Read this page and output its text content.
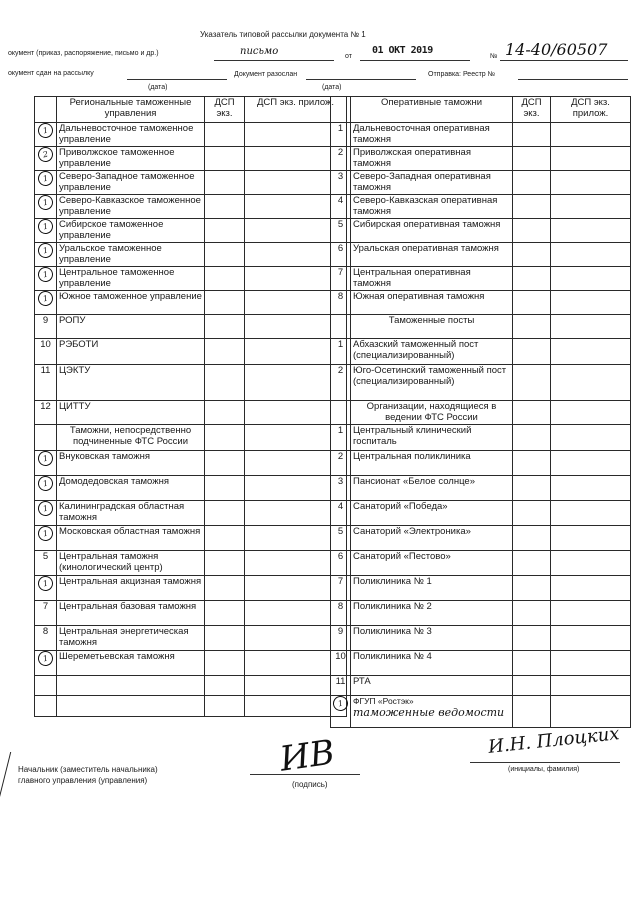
Указатель типовой рассылки документа № 1
окумент (приказ, распоряжение, письмо и др.)	письмо	от
01 ОКТ 2019
№ 14-40/60507
окумент сдан на рассылку	Документ разослан	Отправка: Реестр №
(дата)	(дата)
	Региональные таможенные управления	ДСП экз.	ДСП экз. прилож.
1	Дальневосточное таможенное управление		
2	Приволжское таможенное управление		
1	Северо-Западное таможенное управление		
1	Северо-Кавказское таможенное управление		
1	Сибирское таможенное управление		
1	Уральское таможенное управление		
1	Центральное таможенное управление		
1	Южное таможенное управление		
9	РОПУ		
10	РЭБОТИ		
11	ЦЭКТУ		
12	ЦИТТУ		
	Таможни, непосредственно подчиненные ФТС России		
1	Внуковская таможня		
1	Домодедовская таможня		
1	Калининградская областная таможня		
1	Московская областная таможня		
5	Центральная таможня (кинологический центр)		
1	Центральная акцизная таможня		
7	Центральная базовая таможня		
8	Центральная энергетическая таможня		
1	Шереметьевская таможня		

	Оперативные таможни	ДСП экз.	ДСП экз. прилож.
1	Дальневосточная оперативная таможня		
2	Приволжская оперативная таможня		
3	Северо-Западная оперативная таможня		
4	Северо-Кавказская оперативная таможня		
5	Сибирская оперативная таможня		
6	Уральская оперативная таможня		
7	Центральная оперативная таможня		
8	Южная оперативная таможня		
	Таможенные посты		
1	Абхазский таможенный пост (специализированный)		
2	Юго-Осетинский таможенный пост (специализированный)		
	Организации, находящиеся в ведении ФТС России		
1	Центральный клинический госпиталь		
2	Центральная поликлиника		
3	Пансионат «Белое солнце»		
4	Санаторий «Победа»		
5	Санаторий «Электроника»		
6	Санаторий «Пестово»		
7	Поликлиника № 1		
8	Поликлиника № 2		
9	Поликлиника № 3		
10	Поликлиника № 4		
11	РТА		
1	ФГУП «Ростэк»
таможенные ведомости		

Начальник (заместитель начальника) главного управления (управления)
ИВ
(подпись)
И.Н. Плоцких
(инициалы, фамилия)
